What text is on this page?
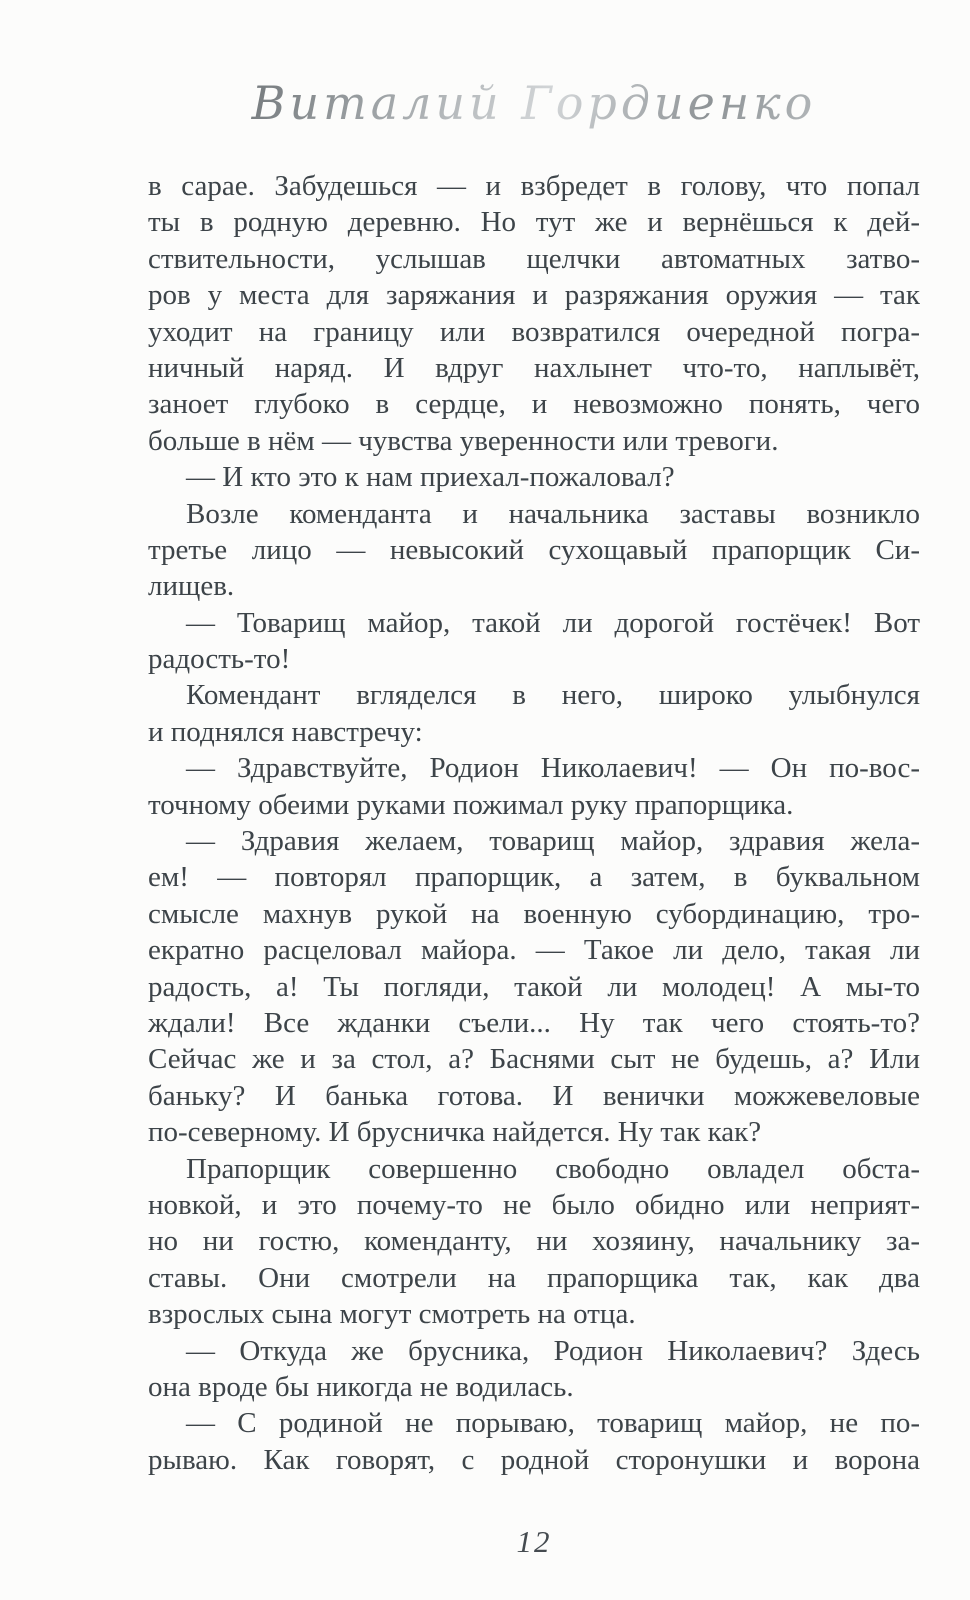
Виталий Гордиенко
в сарае. Забудешься — и взбредет в голову, что попал
ты в родную деревню. Но тут же и вернёшься к дей-
ствительности, услышав щелчки автоматных затво-
ров у места для заряжания и разряжания оружия — так
уходит на границу или возвратился очередной погра-
ничный наряд. И вдруг нахлынет что-то, наплывёт,
заноет глубоко в сердце, и невозможно понять, чего
больше в нём — чувства уверенности или тревоги.
— И кто это к нам приехал-пожаловал?
Возле коменданта и начальника заставы возникло
третье лицо — невысокий сухощавый прапорщик Си-
лищев.
— Товарищ майор, такой ли дорогой гостёчек! Вот
радость-то!
Комендант вгляделся в него, широко улыбнулся
и поднялся навстречу:
— Здравствуйте, Родион Николаевич! — Он по-вос-
точному обеими руками пожимал руку прапорщика.
— Здравия желаем, товарищ майор, здравия жела-
ем! — повторял прапорщик, а затем, в буквальном
смысле махнув рукой на военную субординацию, тро-
екратно расцеловал майора. — Такое ли дело, такая ли
радость, а! Ты погляди, такой ли молодец! А мы-то
ждали! Все жданки съели... Ну так чего стоять-то?
Сейчас же и за стол, а? Баснями сыт не будешь, а? Или
баньку? И банька готова. И венички можжевеловые
по-северному. И брусничка найдется. Ну так как?
Прапорщик совершенно свободно овладел обста-
новкой, и это почему-то не было обидно или неприят-
но ни гостю, коменданту, ни хозяину, начальнику за-
ставы. Они смотрели на прапорщика так, как два
взрослых сына могут смотреть на отца.
— Откуда же брусника, Родион Николаевич? Здесь
она вроде бы никогда не водилась.
— С родиной не порываю, товарищ майор, не по-
рываю. Как говорят, с родной сторонушки и ворона
12
